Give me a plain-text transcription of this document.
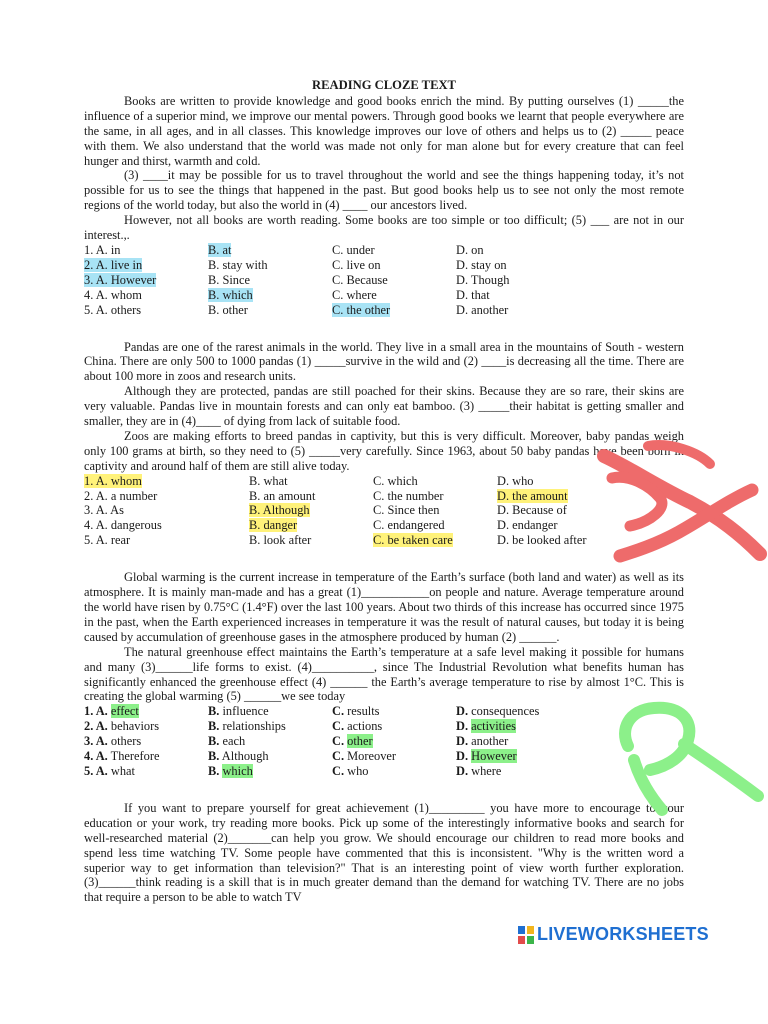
READING CLOZE TEXT

Books are written to provide knowledge and good books enrich the mind. By putting ourselves (1) _____the influence of a superior mind, we improve our mental powers. Through good books we learnt that people everywhere are the same, in all ages, and in all classes. This knowledge improves our love of others and helps us to (2) _____ peace with them. We also understand that the world was made not only for man alone but for every creature that can feel hunger and thirst, warmth and cold.

(3) ____it may be possible for us to travel throughout the world and see the things happening today, it’s not possible for us to see the things that happened in the past. But good books help us to see not only the most remote regions of the world today, but also the world in (4) ____ our ancestors lived.

However, not all books are worth reading. Some books are too simple or too difficult; (5) ___ are not in our interest.,.

1. A. in	B. at	C. under	D. on
2. A. live in	B. stay with	C. live on	D. stay on
3. A. However	B. Since	C. Because	D. Though
4. A. whom	B. which	C. where	D. that
5. A. others	B. other	C. the other	D. another

Pandas are one of the rarest animals in the world. They live in a small area in the mountains of South - western China. There are only 500 to 1000 pandas (1) _____survive in the wild and (2) ____is decreasing all the time. There are about 100 more in zoos and research units.

Although they are protected, pandas are still poached for their skins. Because they are so rare, their skins are very valuable. Pandas live in mountain forests and can only eat bamboo. (3) _____their habitat is getting smaller and smaller, they are in (4)____ of dying from lack of suitable food.

Zoos are making efforts to breed pandas in captivity, but this is very difficult. Moreover, baby pandas weigh only 100 grams at birth, so they need to (5) _____very carefully. Since 1963, about 50 baby pandas have been born in captivity and around half of them are still alive today.

1. A. whom	B. what	C. which	D. who
2. A. a number	B. an amount	C. the number	D. the amount
3. A. As	B. Although	C. Since then	D. Because of
4. A. dangerous	B. danger	C. endangered	D. endanger
5. A. rear	B. look after	C. be taken care	D. be looked after

Global warming is the current increase in temperature of the Earth’s surface (both land and water) as well as its atmosphere. It is mainly man-made and has a great (1)___________on people and nature. Average temperature around the world have risen by 0.75°C (1.4°F) over the last 100 years. About two thirds of this increase has occurred since 1975 in the past, when the Earth experienced increases in temperature it was the result of natural causes, but today it is being caused by accumulation of greenhouse gases in the atmosphere produced by human (2) ______.

The natural greenhouse effect maintains the Earth’s temperature at a safe level making it possible for humans and many (3)______life forms to exist. (4)__________, since The Industrial Revolution what benefits human has significantly enhanced the greenhouse effect (4) ______ the Earth’s average temperature to rise by almost 1°C. This is creating the global warming (5) ______we see today

1. A. effect	B. influence	C. results	D. consequences
2. A. behaviors	B. relationships	C. actions	D. activities
3. A. others	B. each	C. other	D. another
4. A. Therefore	B. Although	C. Moreover	D. However
5. A. what	B. which	C. who	D. where

If you want to prepare yourself for great achievement (1)_________ you have more to encourage to your education or your work, try reading more books. Pick up some of the interestingly informative books and search for well-researched material (2)_______can help you grow. We should encourage our children to read more books and spend less time watching TV. Some people have commented that this is inconsistent. "Why is the written word a superior way to get information than television?" That is an interesting point of view worth further exploration. (3)______think reading is a skill that is in much greater demand than the demand for watching TV. There are no jobs that require a person to be able to watch TV

LIVEWORKSHEETS
